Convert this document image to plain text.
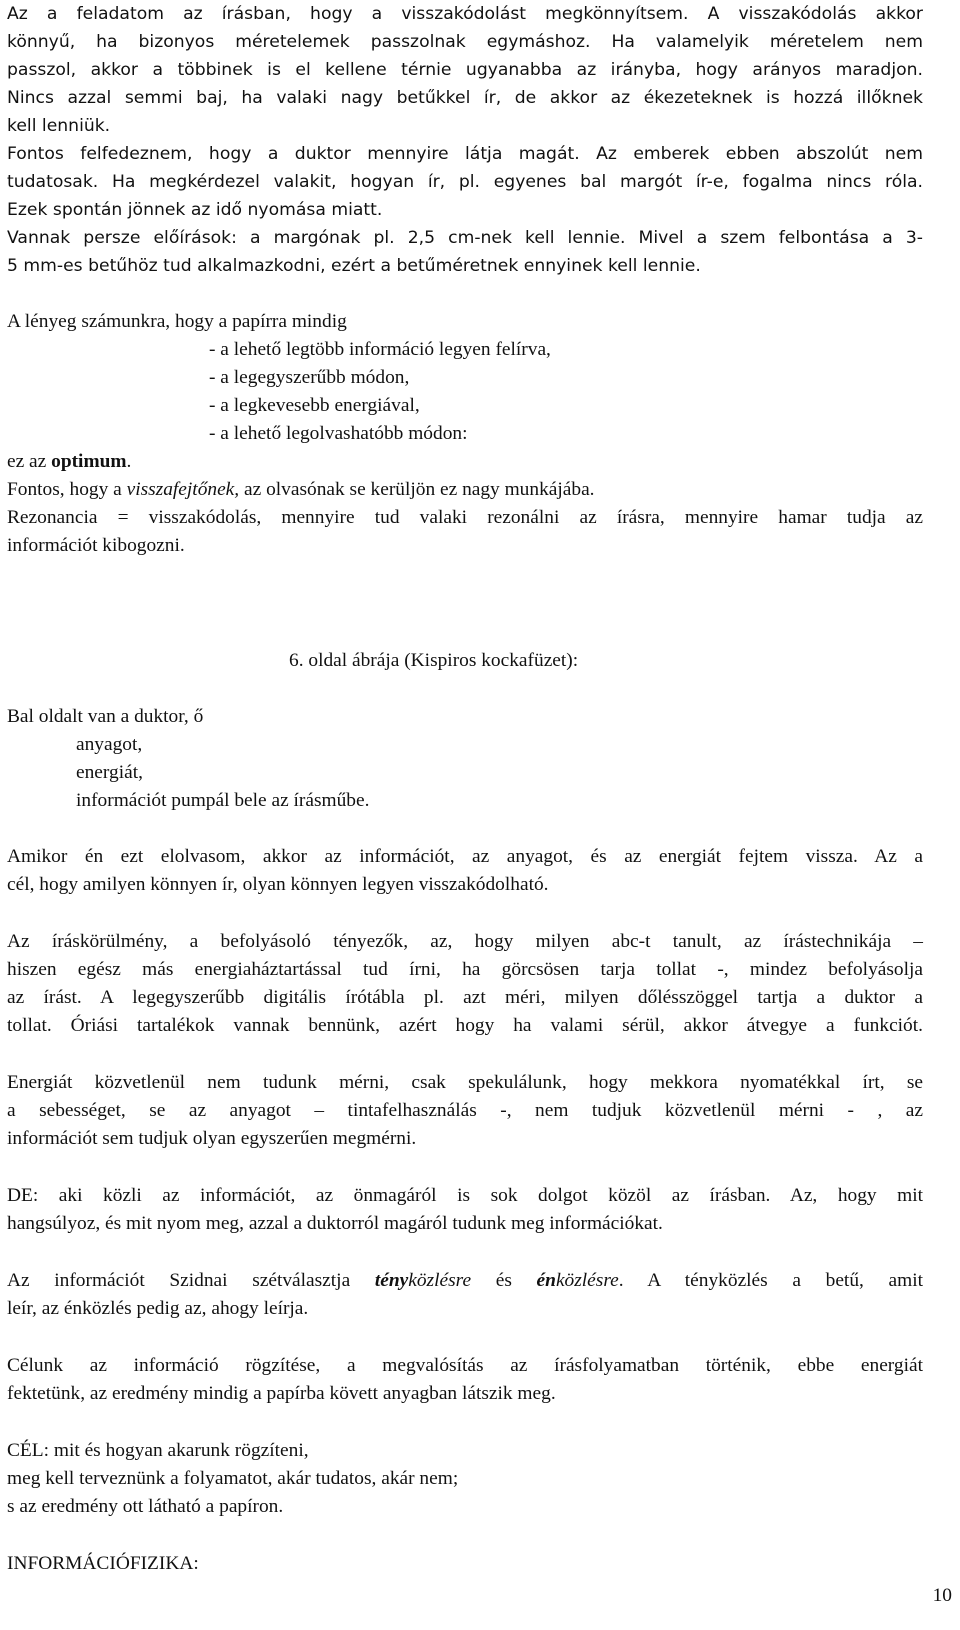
Az a feladatom az írásban, hogy a visszakódolást megkönnyítsem. A visszakódolás akkor

könnyű, ha bizonyos méretelemek passzolnak egymáshoz. Ha valamelyik méretelem nem

passzol, akkor a többinek is el kellene térnie ugyanabba az irányba, hogy arányos maradjon.

Nincs azzal semmi baj, ha valaki nagy betűkkel ír, de akkor az ékezeteknek is hozzá illőknek

kell lenniük.

Fontos felfedeznem, hogy a duktor mennyire látja magát. Az emberek ebben abszolút nem

tudatosak. Ha megkérdezel valakit, hogyan ír, pl. egyenes bal margót ír-e, fogalma nincs róla.

Ezek spontán jönnek az idő nyomása miatt.

Vannak persze előírások: a margónak pl. 2,5 cm-nek kell lennie. Mivel a szem felbontása a 3-

5 mm-es betűhöz tud alkalmazkodni, ezért a betűméretnek ennyinek kell lennie.

A lényeg számunkra, hogy a papírra mindig

- a lehető legtöbb információ legyen felírva,

- a legegyszerűbb módon,

- a legkevesebb energiával,

- a lehető legolvashatóbb módon:

ez az optimum.

Fontos, hogy a visszafejtőnek, az olvasónak se kerüljön ez nagy munkájába.

Rezonancia = visszakódolás, mennyire tud valaki rezonálni az írásra, mennyire hamar tudja az

információt kibogozni.

6. oldal ábrája (Kispiros kockafüzet):

Bal oldalt van a duktor, ő

anyagot,

energiát,

információt pumpál bele az írásműbe.

Amikor én ezt elolvasom, akkor az információt, az anyagot, és az energiát fejtem vissza. Az a

cél, hogy amilyen könnyen ír, olyan könnyen legyen visszakódolható.

Az íráskörülmény, a befolyásoló tényezők, az, hogy milyen abc-t tanult, az írástechnikája –

hiszen egész más energiaháztartással tud írni, ha görcsösen tarja tollat -, mindez befolyásolja

az írást. A legegyszerűbb digitális írótábla pl. azt méri, milyen dőlésszöggel tartja a duktor a

tollat. Óriási tartalékok vannak bennünk, azért hogy ha valami sérül, akkor átvegye a funkciót.

Energiát közvetlenül nem tudunk mérni, csak spekulálunk, hogy mekkora nyomatékkal írt, se

a sebességet, se az anyagot – tintafelhasználás -, nem tudjuk közvetlenül mérni - , az

információt sem tudjuk olyan egyszerűen megmérni.

DE: aki közli az információt, az önmagáról is sok dolgot közöl az írásban. Az, hogy mit

hangsúlyoz, és mit nyom meg, azzal a duktorról magáról tudunk meg információkat.

Az információt Szidnai szétválasztja tényközlésre és énközlésre. A tényközlés a betű, amit

leír, az énközlés pedig az, ahogy leírja.

Célunk az információ rögzítése, a megvalósítás az írásfolyamatban történik, ebbe energiát

fektetünk, az eredmény mindig a papírba követt anyagban látszik meg.

CÉL: mit és hogyan akarunk rögzíteni,

meg kell terveznünk a folyamatot, akár tudatos, akár nem;

s az eredmény ott látható a papíron.

INFORMÁCIÓFIZIKA:

10
